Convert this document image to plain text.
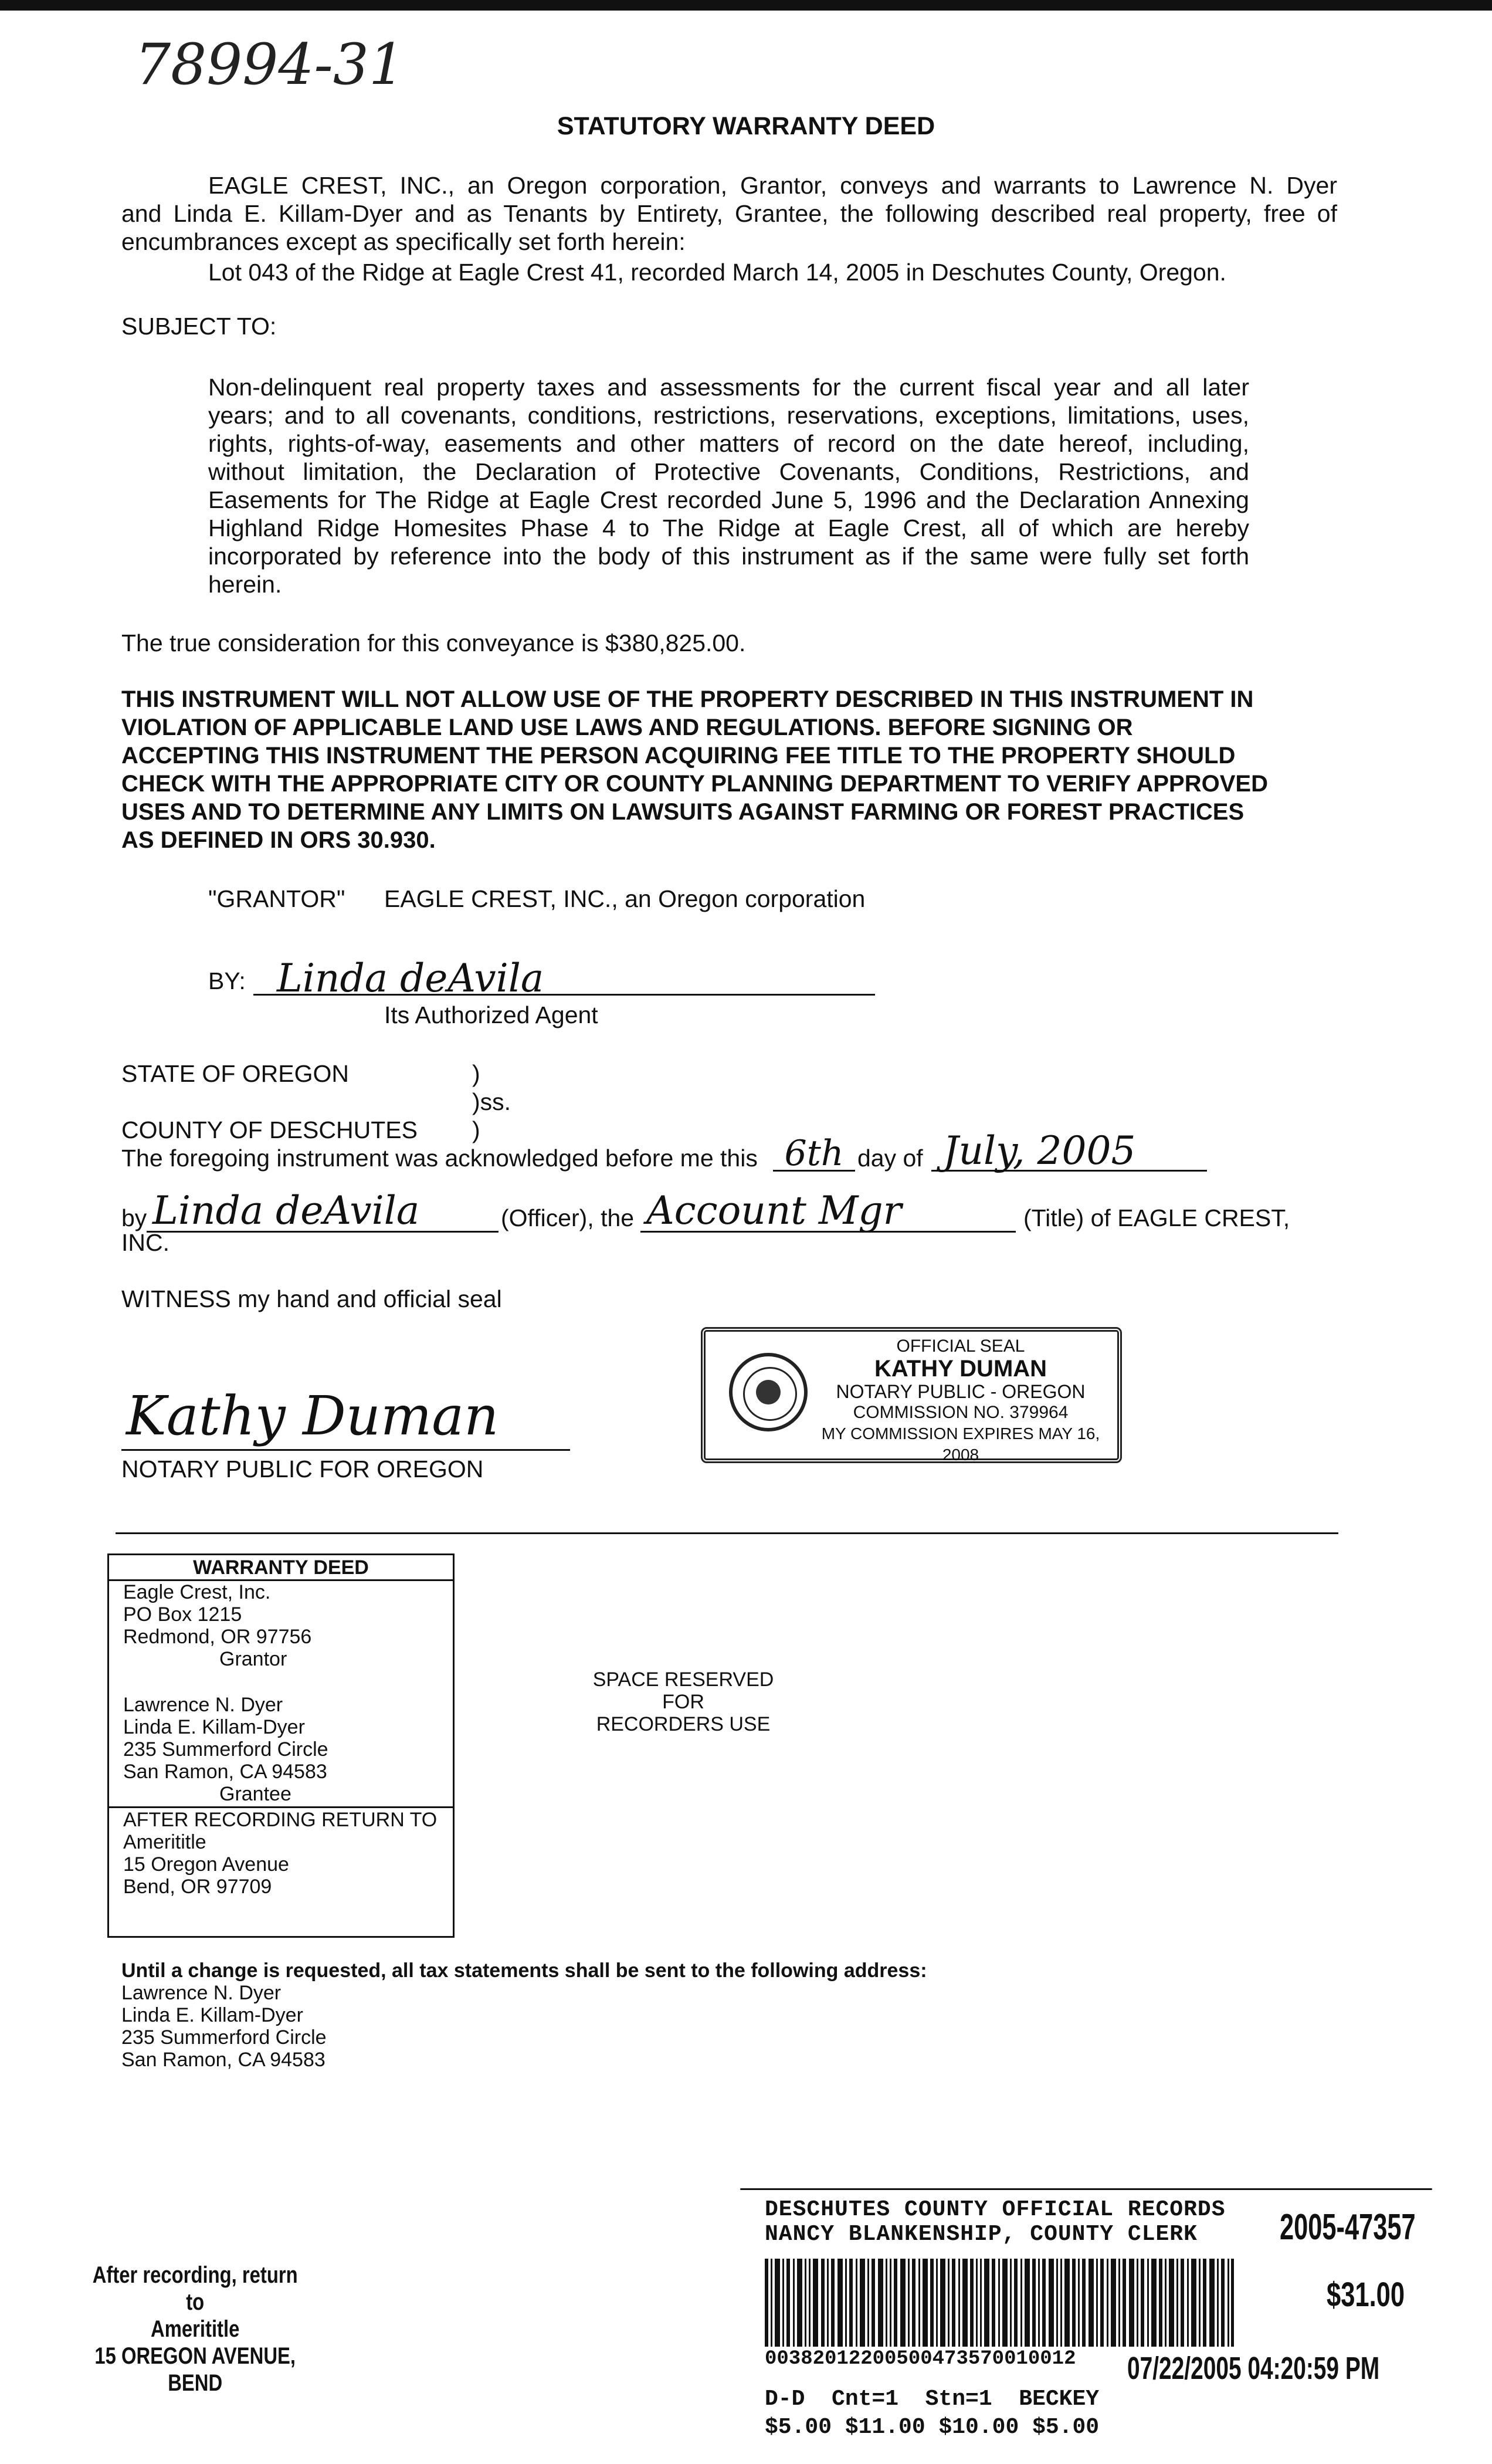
78994-31
STATUTORY WARRANTY DEED
EAGLE CREST, INC., an Oregon corporation, Grantor, conveys and warrants to Lawrence N. Dyer
and Linda E. Killam-Dyer and as Tenants by Entirety, Grantee, the following described real property, free of
encumbrances except as specifically set forth herein:
Lot 043 of the Ridge at Eagle Crest 41, recorded March 14, 2005 in Deschutes County, Oregon.
SUBJECT TO:
Non-delinquent real property taxes and assessments for the current fiscal year and all later
years; and to all covenants, conditions, restrictions, reservations, exceptions, limitations, uses,
rights, rights-of-way, easements and other matters of record on the date hereof, including,
without limitation, the Declaration of Protective Covenants, Conditions, Restrictions, and
Easements for The Ridge at Eagle Crest recorded June 5, 1996 and the Declaration Annexing
Highland Ridge Homesites Phase 4 to The Ridge at Eagle Crest, all of which are hereby
incorporated by reference into the body of this instrument as if the same were fully set forth
herein.
The true consideration for this conveyance is $380,825.00.
THIS INSTRUMENT WILL NOT ALLOW USE OF THE PROPERTY DESCRIBED IN THIS INSTRUMENT IN
VIOLATION OF APPLICABLE LAND USE LAWS AND REGULATIONS. BEFORE SIGNING OR
ACCEPTING THIS INSTRUMENT THE PERSON ACQUIRING FEE TITLE TO THE PROPERTY SHOULD
CHECK WITH THE APPROPRIATE CITY OR COUNTY PLANNING DEPARTMENT TO VERIFY APPROVED
USES AND TO DETERMINE ANY LIMITS ON LAWSUITS AGAINST FARMING OR FOREST PRACTICES
AS DEFINED IN ORS 30.930.
"GRANTOR" EAGLE CREST, INC., an Oregon corporation
BY: Linda deAvila
Its Authorized Agent
STATE OF OREGON	)
)ss.
COUNTY OF DESCHUTES )
The foregoing instrument was acknowledged before me this 6th day of July, 2005
by Linda deAvila	(Officer), the Account Mgr	(Title) of EAGLE CREST,
INC.
WITNESS my hand and official seal
Kathy Duman
NOTARY PUBLIC FOR OREGON
OFFICIAL SEAL
KATHY DUMAN
NOTARY PUBLIC - OREGON
COMMISSION NO. 379964
MY COMMISSION EXPIRES MAY 16, 2008
WARRANTY DEED
Eagle Crest, Inc.
PO Box 1215
Redmond, OR 97756
Grantor
Lawrence N. Dyer
Linda E. Killam-Dyer
235 Summerford Circle
San Ramon, CA 94583
Grantee
AFTER RECORDING RETURN TO
Amerititle
15 Oregon Avenue
Bend, OR 97709
SPACE RESERVED
FOR
RECORDERS USE
Until a change is requested, all tax statements shall be sent to the following address:
Lawrence N. Dyer
Linda E. Killam-Dyer
235 Summerford Circle
San Ramon, CA 94583
After recording, return to
Amerititle
15 OREGON AVENUE, BEND
DESCHUTES COUNTY OFFICIAL RECORDS
NANCY BLANKENSHIP, COUNTY CLERK 2005-47357
$31.00
00382012200500473570010012 07/22/2005 04:20:59 PM
D-D  Cnt=1  Stn=1  BECKEY
$5.00 $11.00 $10.00 $5.00
